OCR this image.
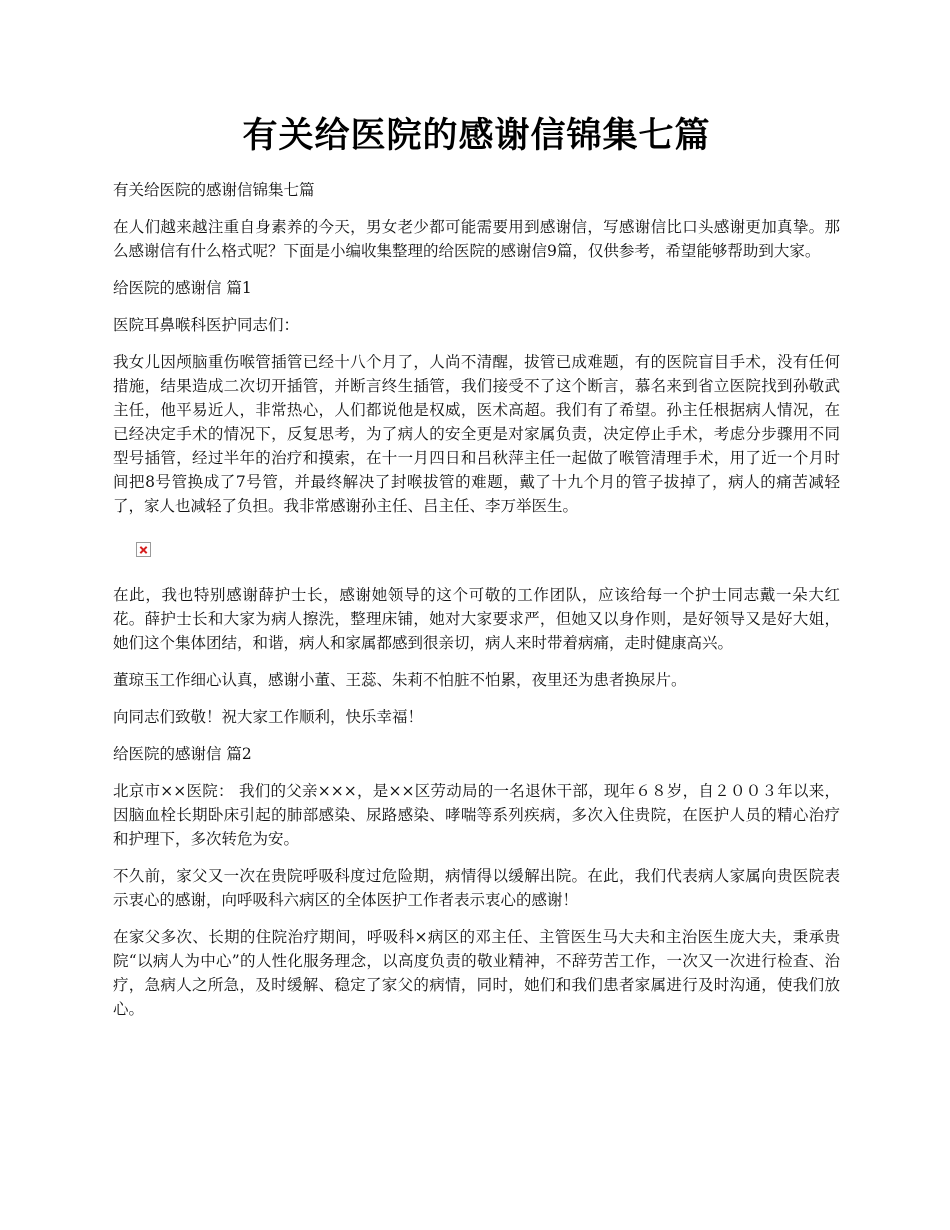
有关给医院的感谢信锦集七篇

有关给医院的感谢信锦集七篇

在人们越来越注重自身素养的今天，男女老少都可能需要用到感谢信，写感谢信比口头感谢更加真挚。那么感谢信有什么格式呢？下面是小编收集整理的给医院的感谢信9篇，仅供参考，希望能够帮助到大家。

给医院的感谢信 篇1

医院耳鼻喉科医护同志们：

我女儿因颅脑重伤喉管插管已经十八个月了，人尚不清醒，拔管已成难题，有的医院盲目手术，没有任何措施，结果造成二次切开插管，并断言终生插管，我们接受不了这个断言，慕名来到省立医院找到孙敬武主任，他平易近人，非常热心，人们都说他是权威，医术高超。我们有了希望。孙主任根据病人情况，在已经决定手术的情况下，反复思考，为了病人的安全更是对家属负责，决定停止手术，考虑分步骤用不同型号插管，经过半年的治疗和摸索，在十一月四日和吕秋萍主任一起做了喉管清理手术，用了近一个月时间把8号管换成了7号管，并最终解决了封喉拔管的难题，戴了十九个月的管子拔掉了，病人的痛苦减轻了，家人也减轻了负担。我非常感谢孙主任、吕主任、李万举医生。

在此，我也特别感谢薛护士长，感谢她领导的这个可敬的工作团队，应该给每一个护士同志戴一朵大红花。薛护士长和大家为病人擦洗，整理床铺，她对大家要求严，但她又以身作则，是好领导又是好大姐，她们这个集体团结，和谐，病人和家属都感到很亲切，病人来时带着病痛，走时健康高兴。

董琼玉工作细心认真，感谢小董、王蕊、朱莉不怕脏不怕累，夜里还为患者换尿片。

向同志们致敬！祝大家工作顺利，快乐幸福！

给医院的感谢信 篇2

北京市××医院： 我们的父亲×××，是××区劳动局的一名退休干部，现年６８岁，自２００３年以来， 因脑血栓长期卧床引起的肺部感染、尿路感染、哮喘等系列疾病，多次入住贵院，在医护人员的精心治疗和护理下，多次转危为安。

不久前，家父又一次在贵院呼吸科度过危险期，病情得以缓解出院。在此，我们代表病人家属向贵医院表示衷心的感谢，向呼吸科六病区的全体医护工作者表示衷心的感谢！

在家父多次、长期的住院治疗期间，呼吸科×病区的邓主任、主管医生马大夫和主治医生庞大夫，秉承贵院“以病人为中心”的人性化服务理念，以高度负责的敬业精神，不辞劳苦工作，一次又一次进行检查、治疗，急病人之所急，及时缓解、稳定了家父的病情，同时，她们和我们患者家属进行及时沟通，使我们放心。
